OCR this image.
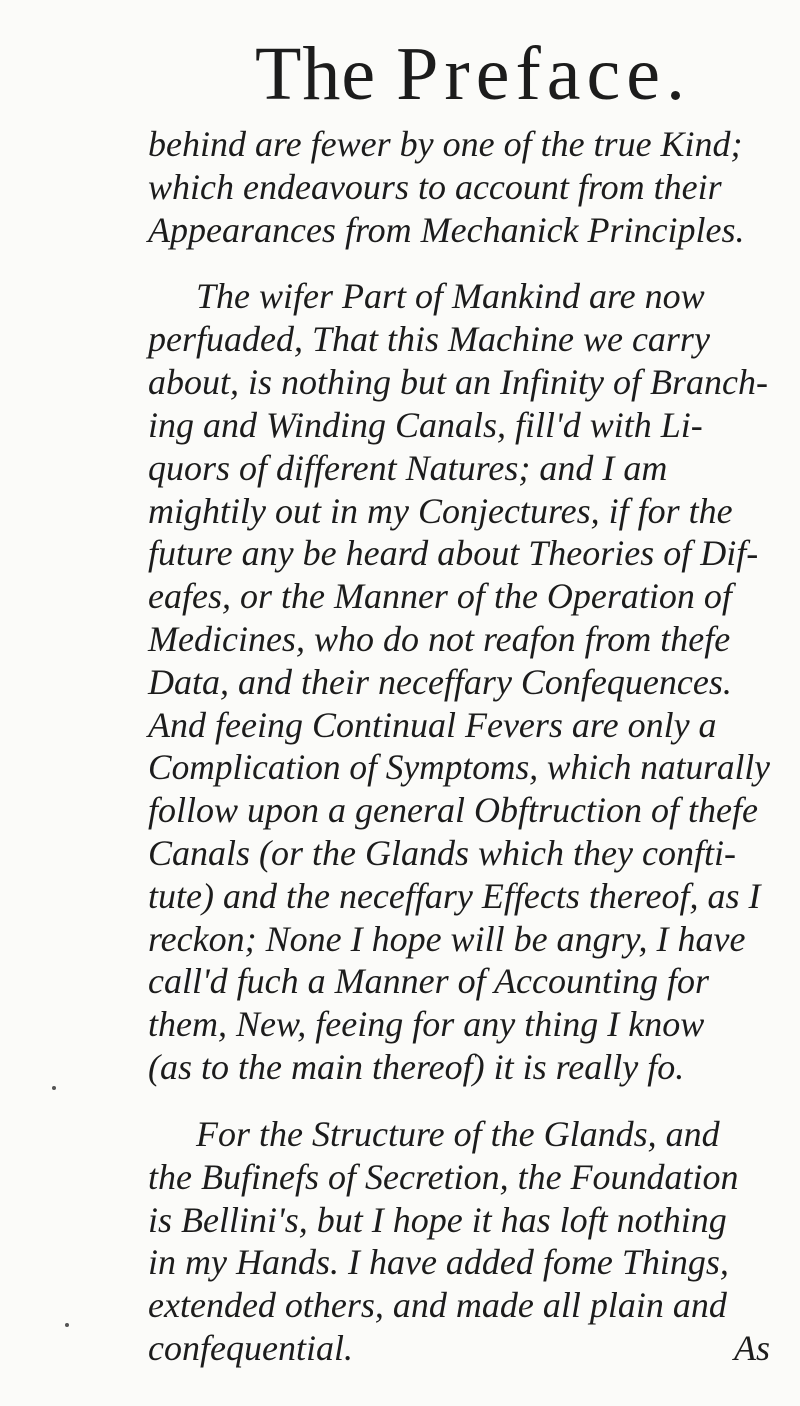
The Preface.
behind are fewer by one of the true Kind;
which endeavours to account from their
Appearances from Mechanick Principles.
The wifer Part of Mankind are now
perfuaded, That this Machine we carry
about, is nothing but an Infinity of Branch-
ing and Winding Canals, fill'd with Li-
quors of different Natures; and I am
mightily out in my Conjectures, if for the
future any be heard about Theories of Dif-
eafes, or the Manner of the Operation of
Medicines, who do not reafon from thefe
Data, and their neceffary Confequences.
And feeing Continual Fevers are only a
Complication of Symptoms, which naturally
follow upon a general Obftruction of thefe
Canals (or the Glands which they confti-
tute) and the neceffary Effects thereof, as I
reckon; None I hope will be angry, I have
call'd fuch a Manner of Accounting for
them, New, feeing for any thing I know
(as to the main thereof) it is really fo.
For the Structure of the Glands, and
the Bufinefs of Secretion, the Foundation
is Bellini's, but I hope it has loft nothing
in my Hands. I have added fome Things,
extended others, and made all plain and
confequential.	As
